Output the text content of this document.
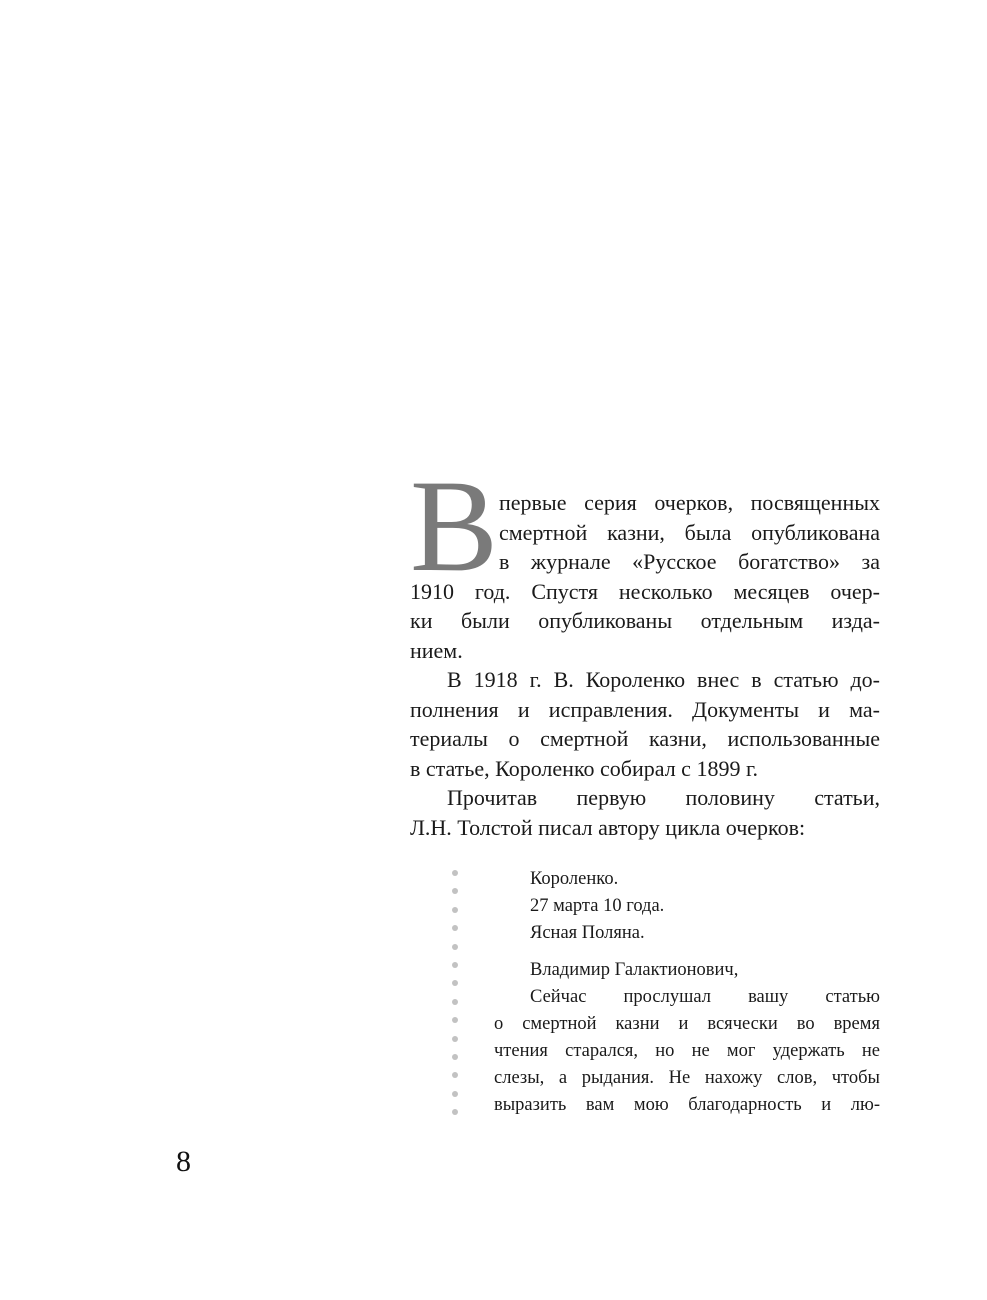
В первые серия очерков, посвященных
смертной казни, была опубликована
в журнале «Русское богатство» за
1910 год. Спустя несколько месяцев очер-
ки были опубликованы отдельным изда-
нием.
В 1918 г. В. Короленко внес в статью до-
полнения и исправления. Документы и ма-
териалы о смертной казни, использованные
в статье, Короленко собирал с 1899 г.
Прочитав первую половину статьи,
Л.Н. Толстой писал автору цикла очерков:
Короленко.
27 марта 10 года.
Ясная Поляна.
Владимир Галактионович,
Сейчас прослушал вашу статью
о смертной казни и всячески во время
чтения старался, но не мог удержать не
слезы, а рыдания. Не нахожу слов, чтобы
выразить вам мою благодарность и лю-
8
